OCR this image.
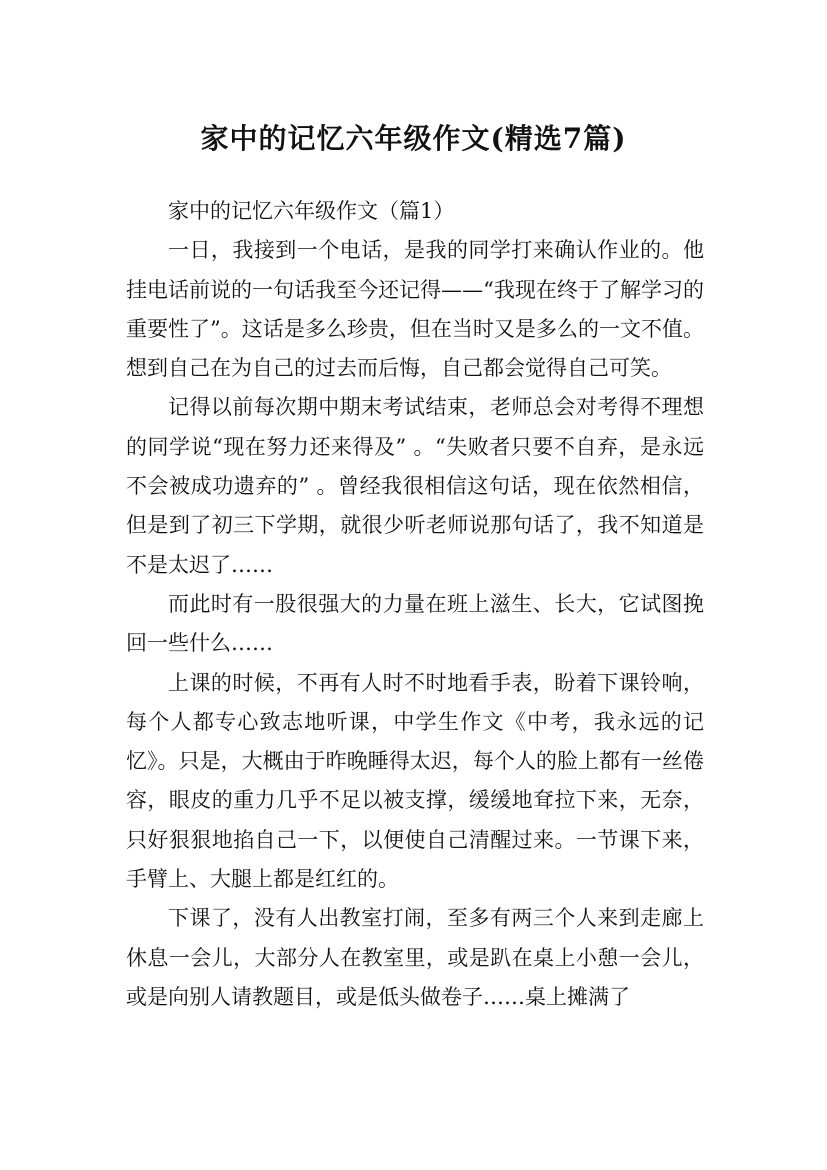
家中的记忆六年级作文(精选7篇)

家中的记忆六年级作文（篇1）

一日，我接到一个电话，是我的同学打来确认作业的。他挂电话前说的一句话我至今还记得——“我现在终于了解学习的重要性了”。这话是多么珍贵，但在当时又是多么的一文不值。想到自己在为自己的过去而后悔，自己都会觉得自己可笑。

记得以前每次期中期末考试结束，老师总会对考得不理想的同学说“现在努力还来得及” 。“失败者只要不自弃，是永远不会被成功遗弃的” 。曾经我很相信这句话，现在依然相信，但是到了初三下学期，就很少听老师说那句话了，我不知道是不是太迟了……

而此时有一股很强大的力量在班上滋生、长大，它试图挽回一些什么……

上课的时候，不再有人时不时地看手表，盼着下课铃响，每个人都专心致志地听课，中学生作文《中考，我永远的记忆》。只是，大概由于昨晚睡得太迟，每个人的脸上都有一丝倦容，眼皮的重力几乎不足以被支撑，缓缓地耷拉下来，无奈，只好狠狠地掐自己一下，以便使自己清醒过来。一节课下来，手臂上、大腿上都是红红的。

下课了，没有人出教室打闹，至多有两三个人来到走廊上休息一会儿，大部分人在教室里，或是趴在桌上小憩一会儿，或是向别人请教题目，或是低头做卷子……桌上摊满了
